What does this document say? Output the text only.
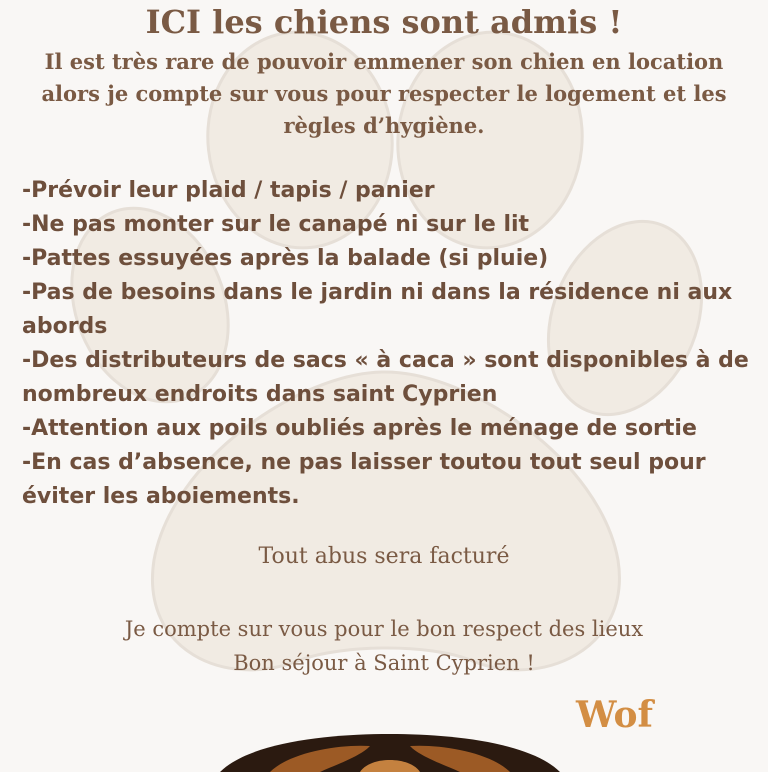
ICI les chiens sont admis !
Il est très rare de pouvoir emmener son chien en location alors je compte sur vous pour respecter le logement et les règles d’hygiène.
-Prévoir leur plaid / tapis / panier
-Ne pas monter sur le canapé ni sur le lit
-Pattes essuyées après la balade (si pluie)
-Pas de besoins dans le jardin ni dans la résidence ni aux abords
-Des distributeurs de sacs « à caca » sont disponibles à de nombreux endroits dans saint Cyprien
-Attention aux poils oubliés après le ménage de sortie
-En cas d’absence, ne pas laisser toutou tout seul pour éviter les aboiements.
Tout abus sera facturé
Je compte sur vous pour le bon respect des lieux
Bon séjour à Saint Cyprien !
Wof
